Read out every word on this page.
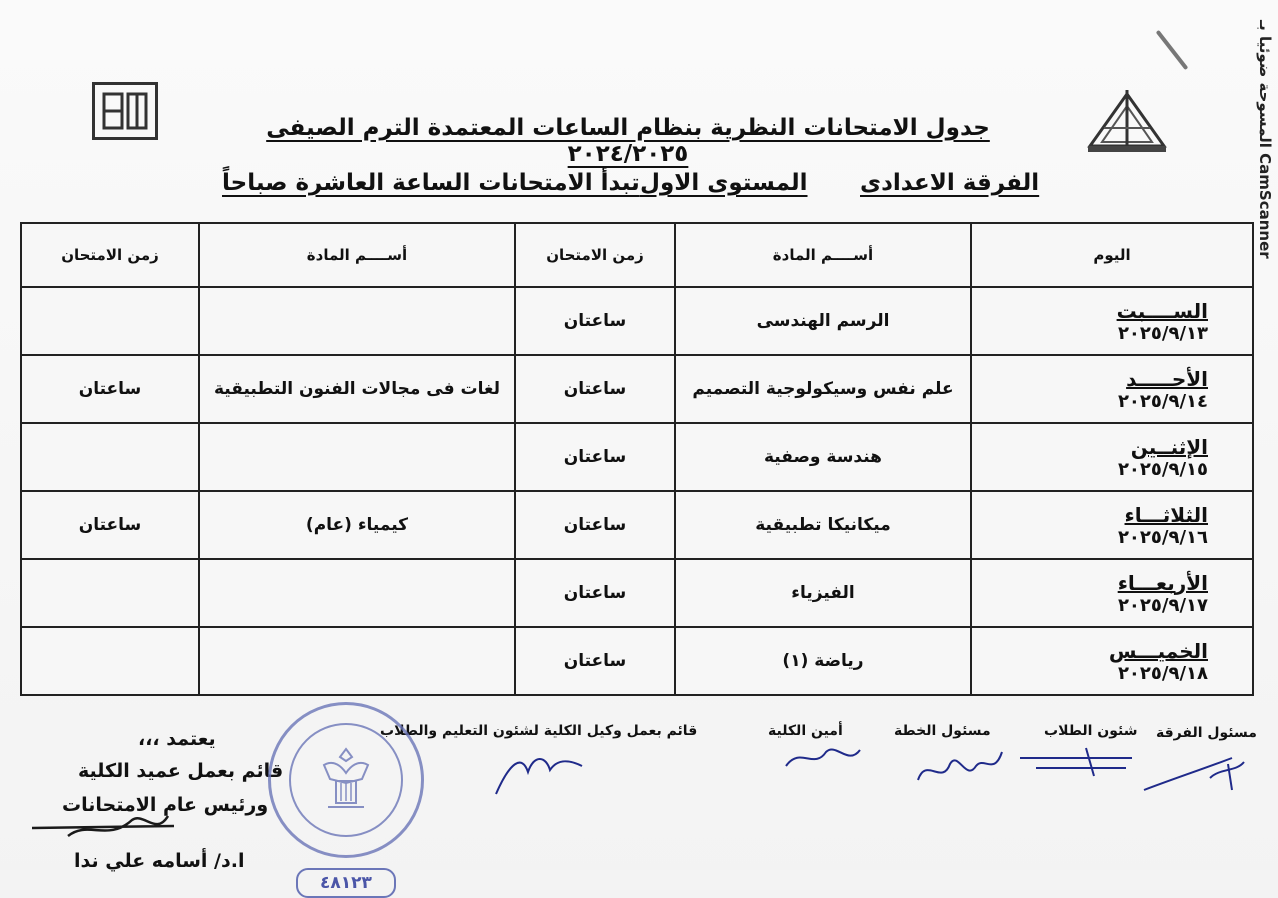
المسوحة ضوئيا بـ CamScanner
جدول الامتحانات النظرية بنظام الساعات المعتمدة الترم الصيفى ٢٠٢٤/٢٠٢٥
الفرقة الاعدادى
المستوى الاول
تبدأ الامتحانات الساعة العاشرة صباحاً
اليوم	أســــم المادة	زمن الامتحان	أســــم المادة	زمن الامتحان

الســــبت
٢٠٢٥/٩/١٣	الرسم الهندسى	ساعتان		

الأحـــــد
٢٠٢٥/٩/١٤	علم نفس وسيكولوجية التصميم	ساعتان	لغات فى مجالات الفنون التطبيقية	ساعتان

الإثنــين
٢٠٢٥/٩/١٥	هندسة وصفية	ساعتان		

الثلاثـــاء
٢٠٢٥/٩/١٦	ميكانيكا تطبيقية	ساعتان	كيمياء (عام)	ساعتان

الأربعـــاء
٢٠٢٥/٩/١٧	الفيزياء	ساعتان		

الخميـــس
٢٠٢٥/٩/١٨	رياضة (١)	ساعتان		
مسئول الفرقة
شئون الطلاب
مسئول الخطة
أمين الكلية
قائم بعمل وكيل الكلية لشئون التعليم والطلاب
يعتمد ،،،
قائم بعمل عميد الكلية
ورئيس عام الامتحانات
ا.د/ أسامه علي ندا
٤٨١٢٣
